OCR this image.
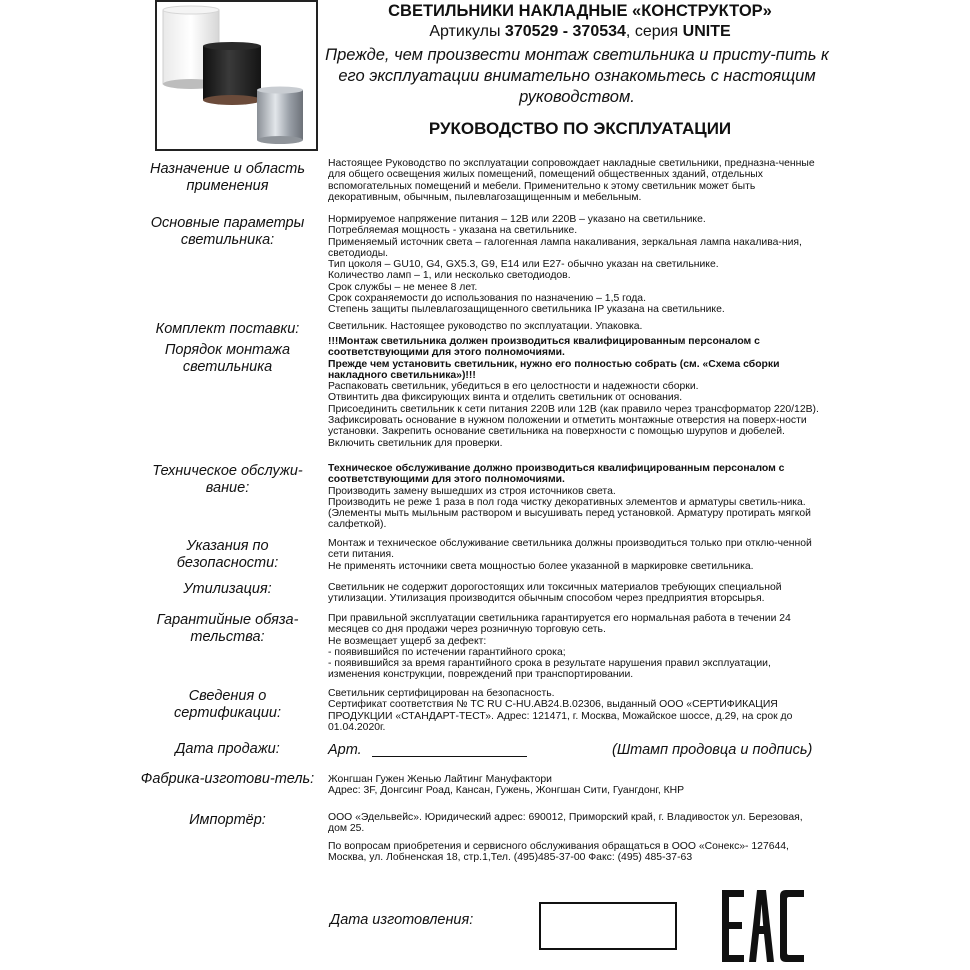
СВЕТИЛЬНИКИ НАКЛАДНЫЕ «КОНСТРУКТОР»
Артикулы 370529 - 370534, серия UNITE
Прежде, чем произвести монтаж светильника и присту-пить к его эксплуатации внимательно ознакомьтесь с настоящим руководством.
РУКОВОДСТВО ПО ЭКСПЛУАТАЦИИ
Назначение и область применения
Настоящее Руководство по эксплуатации сопровождает накладные светильники, предназна-ченные для общего освещения жилых помещений, помещений общественных зданий, отдельных вспомогательных помещений и мебели. Применительно к этому светильник может быть декоративным, обычным, пылевлагозащищенным и мебельным.
Основные параметры светильника:

Нормируемое напряжение питания – 12В или 220В – указано на светильнике.

Потребляемая мощность - указана на светильнике.

Применяемый источник света – галогенная лампа накаливания, зеркальная лампа накалива-ния, светодиоды.

Тип цоколя – GU10, G4, GX5.3, G9, E14 или E27- обычно указан на светильнике.

Количество ламп – 1, или несколько светодиодов.

Срок службы – не менее 8 лет.

Срок сохраняемости до использования по назначению – 1,5 года.

Степень защиты пылевлагозащищенного светильника IP указана на светильнике.

Комплект поставки:	Светильник. Настоящее руководство по эксплуатации. Упаковка.
Порядок монтажа светильника

!!!Монтаж светильника должен производиться квалифицированным персоналом с соответствующими для этого полномочиями.

Прежде чем установить светильник, нужно его полностью собрать (см. «Схема сборки накладного светильника»)!!!

Распаковать светильник, убедиться в его целостности и надежности сборки.

Отвинтить два фиксирующих винта и отделить светильник от основания.

Присоединить светильник к сети питания 220В или 12В (как правило через трансформатор 220/12В).

Зафиксировать основание в нужном положении и отметить монтажные отверстия на поверх-ности установки. Закрепить основание светильника на поверхности с помощью шурупов и дюбелей. Включить светильник для проверки.

Техническое обслужи-вание:

Техническое обслуживание должно производиться квалифицированным персоналом с соответствующими для этого полномочиями.

Производить замену вышедших из строя источников света.

Производить не реже 1 раза в пол года чистку декоративных элементов и арматуры светиль-ника. (Элементы мыть мыльным раствором и высушивать перед установкой. Арматуру протирать мягкой салфеткой).

Указания по безопасности:

Монтаж и техническое обслуживание светильника должны производиться только при отклю-ченной сети питания.

Не применять источники света мощностью более указанной в маркировке светильника.

Утилизация:	Светильник не содержит дорогостоящих или токсичных материалов требующих специальной утилизации. Утилизация производится обычным способом через предприятия вторсырья.
Гарантийные обяза-тельства:

При правильной эксплуатации светильника гарантируется его нормальная работа в течении 24 месяцев со дня продажи через розничную торговую сеть.

Не возмещает ущерб за дефект:

- появившийся по истечении гарантийного срока;

- появившийся за время гарантийного срока в результате нарушения правил эксплуатации, изменения конструкции, повреждений при транспортировании.

Сведения о сертификации:

Светильник сертифицирован на безопасность.

Сертификат соответствия № ТС RU C-HU.АВ24.В.02306, выданный ООО «СЕРТИФИКАЦИЯ ПРОДУКЦИИ «СТАНДАРТ-ТЕСТ». Адрес: 121471, г. Москва, Можайское шоссе, д.29, на срок до 01.04.2020г.

Дата продажи:	Арт.	(Штамп продовца и подпись)
Фабрика-изготови-тель: Жонгшан Гужен Женью Лайтинг Мануфактори

Адрес: 3F, Донгсинг Роад, Кансан, Гужень, Жонгшан Сити, Гуангдонг, КНР

Импортёр:	ООО «Эдельвейс». Юридический адрес: 690012, Приморский край, г. Владивосток ул. Березовая, дом 25.

По вопросам приобретения и сервисного обслуживания обращаться в ООО «Сонекс»- 127644, Москва, ул. Лобненская 18, стр.1,Тел. (495)485-37-00 Факс: (495) 485-37-63

Дата изготовления:
